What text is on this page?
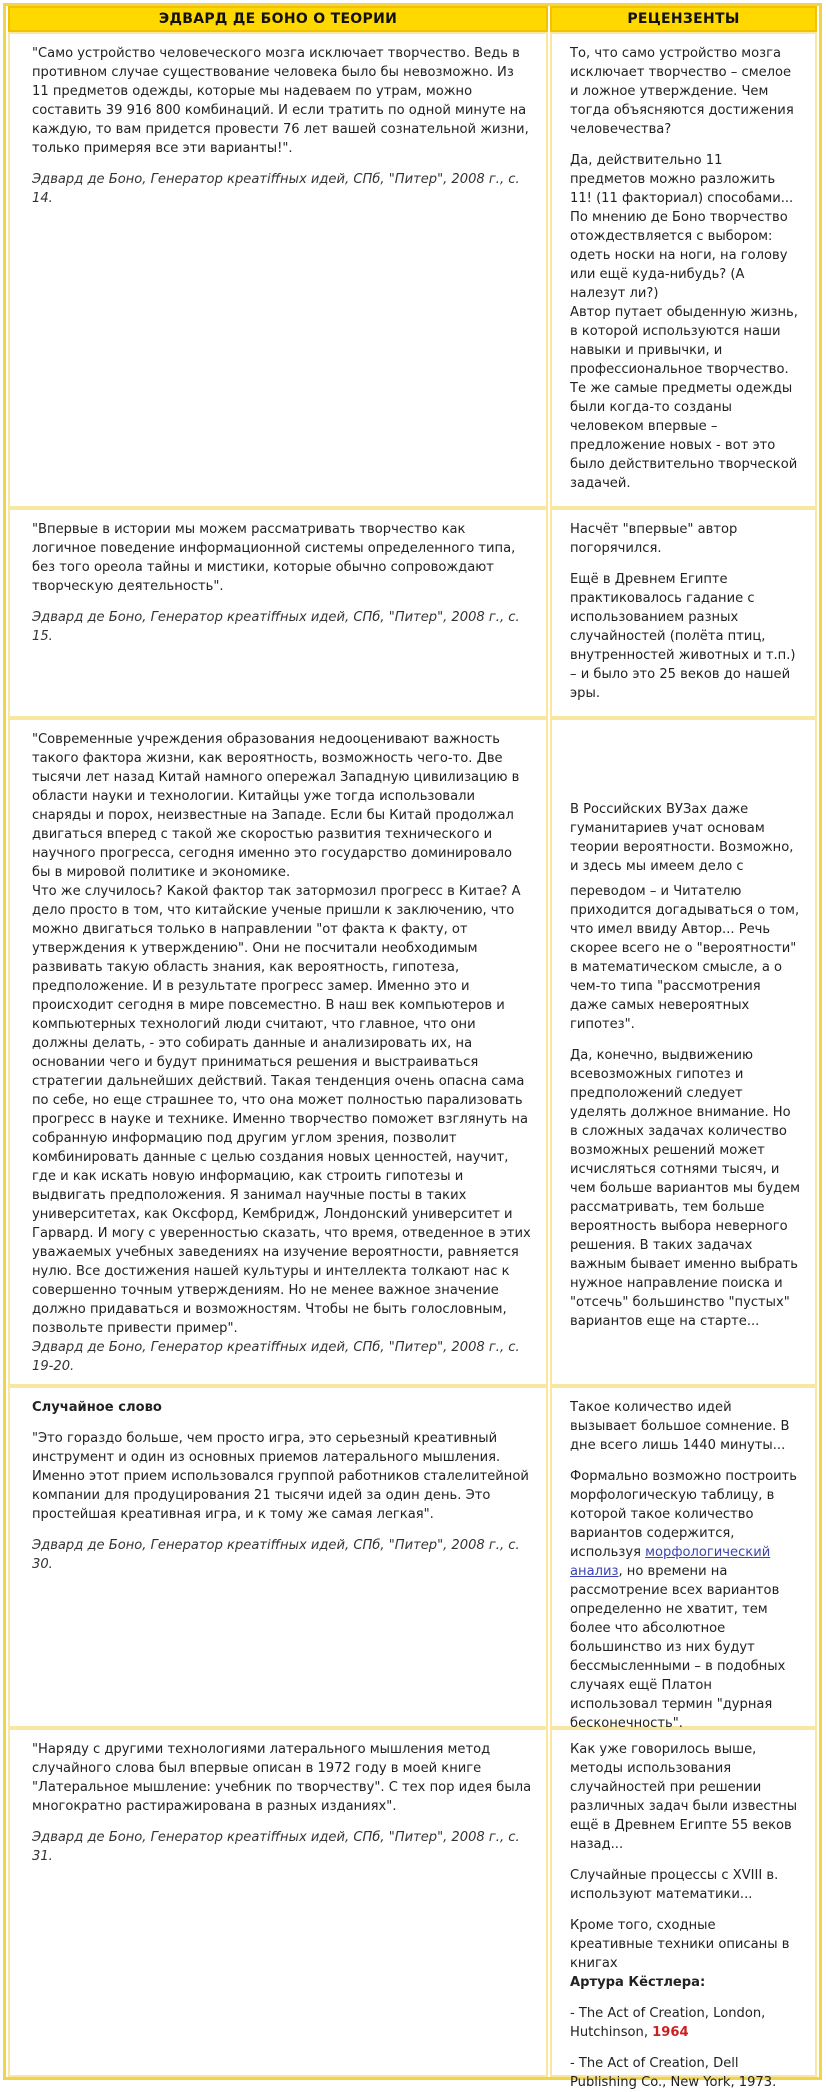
ЭДВАРД ДЕ БОНО О ТЕОРИИ	РЕЦЕНЗЕНТЫ

"Само устройство человеческого мозга исключает творчество. Ведь в противном случае существование человека было бы невозможно. Из 11 предметов одежды, которые мы надеваем по утрам, можно составить 39 916 800 комбинаций. И если тратить по одной минуте на каждую, то вам придется провести 76 лет вашей сознательной жизни, только примеряя все эти варианты!".

Эдвард де Боно, Генератор креатiffных идей, СПб, "Питер", 2008 г., с. 14.

То, что само устройство мозга исключает творчество – смелое и ложное утверждение. Чем тогда объясняются достижения человечества?

Да, действительно 11 предметов можно разложить 11! (11 факториал) способами... По мнению де Боно творчество отождествляется с выбором: одеть носки на ноги, на голову или ещё куда-нибудь? (А налезут ли?)

Автор путает обыденную жизнь, в которой используются наши навыки и привычки, и профессиональное творчество. Те же самые предметы одежды были когда-то созданы человеком впервые – предложение новых - вот это было действительно творческой задачей.

"Впервые в истории мы можем рассматривать творчество как логичное поведение информационной системы определенного типа, без того ореола тайны и мистики, которые обычно сопровождают творческую деятельность".

Эдвард де Боно, Генератор креатiffных идей, СПб, "Питер", 2008 г., с. 15.

Насчёт "впервые" автор погорячился.

Ещё в Древнем Египте практиковалось гадание с использованием разных случайностей (полёта птиц, внутренностей животных и т.п.) – и было это 25 веков до нашей эры.

"Современные учреждения образования недооценивают важность такого фактора жизни, как вероятность, возможность чего-то. Две тысячи лет назад Китай намного опережал Западную цивилизацию в области науки и технологии. Китайцы уже тогда использовали снаряды и порох, неизвестные на Западе. Если бы Китай продолжал двигаться вперед с такой же скоростью развития технического и научного прогресса, сегодня именно это государство доминировало бы в мировой политике и экономике.

Что же случилось? Какой фактор так затормозил прогресс в Китае? А дело просто в том, что китайские ученые пришли к заключению, что можно двигаться только в направлении "от факта к факту, от утверждения к утверждению". Они не посчитали необходимым развивать такую область знания, как вероятность, гипотеза, предположение. И в результате прогресс замер. Именно это и происходит сегодня в мире повсеместно. В наш век компьютеров и компьютерных технологий люди считают, что главное, что они должны делать, - это собирать данные и анализировать их, на основании чего и будут приниматься решения и выстраиваться стратегии дальнейших действий. Такая тенденция очень опасна сама по себе, но еще страшнее то, что она может полностью парализовать прогресс в науке и технике. Именно творчество поможет взглянуть на собранную информацию под другим углом зрения, позволит комбинировать данные с целью создания новых ценностей, научит, где и как искать новую информацию, как строить гипотезы и выдвигать предположения. Я занимал научные посты в таких университетах, как Оксфорд, Кембридж, Лондонский университет и Гарвард. И могу с уверенностью сказать, что время, отведенное в этих уважаемых учебных заведениях на изучение вероятности, равняется нулю. Все достижения нашей культуры и интеллекта толкают нас к совершенно точным утверждениям. Но не менее важное значение должно придаваться и возможностям. Чтобы не быть голословным, позвольте привести пример".

Эдвард де Боно, Генератор креатiffных идей, СПб, "Питер", 2008 г., с. 19-20.

В Российских ВУЗах даже гуманитариев учат основам теории вероятности. Возможно, и здесь мы имеем дело с

переводом – и Читателю приходится догадываться о том, что имел ввиду Автор... Речь скорее всего не о "вероятности" в математическом смысле, а о чем-то типа "рассмотрения даже самых невероятных гипотез".

Да, конечно, выдвижению всевозможных гипотез и предположений следует уделять должное внимание. Но в сложных задачах количество возможных решений может исчисляться сотнями тысяч, и чем больше вариантов мы будем рассматривать, тем больше вероятность выбора неверного решения. В таких задачах важным бывает именно выбрать нужное направление поиска и "отсечь" большинство "пустых" вариантов еще на старте...

Случайное слово

"Это гораздо больше, чем просто игра, это серьезный креативный инструмент и один из основных приемов латерального мышления. Именно этот прием использовался группой работников сталелитейной компании для продуцирования 21 тысячи идей за один день. Это простейшая креативная игра, и к тому же самая легкая".

Эдвард де Боно, Генератор креатiffных идей, СПб, "Питер", 2008 г., с. 30.

Такое количество идей вызывает большое сомнение. В дне всего лишь 1440 минуты...

Формально возможно построить морфологическую таблицу, в которой такое количество вариантов содержится, используя морфологический анализ, но времени на рассмотрение всех вариантов определенно не хватит, тем более что абсолютное большинство из них будут бессмысленными – в подобных случаях ещё Платон использовал термин "дурная бесконечность".

"Наряду с другими технологиями латерального мышления метод случайного слова был впервые описан в 1972 году в моей книге "Латеральное мышление: учебник по творчеству". С тех пор идея была многократно растиражирована в разных изданиях".

Эдвард де Боно, Генератор креатiffных идей, СПб, "Питер", 2008 г., с. 31.

Как уже говорилось выше, методы использования случайностей при решении различных задач были известны ещё в Древнем Египте 55 веков назад...

Случайные процессы с XVIII в. используют математики...

Кроме того, сходные креативные техники описаны в книгах

Артура Кёстлера:

- The Act of Creation, London, Hutchinson, 1964

- The Act of Creation, Dell Publishing Co., New York, 1973.
